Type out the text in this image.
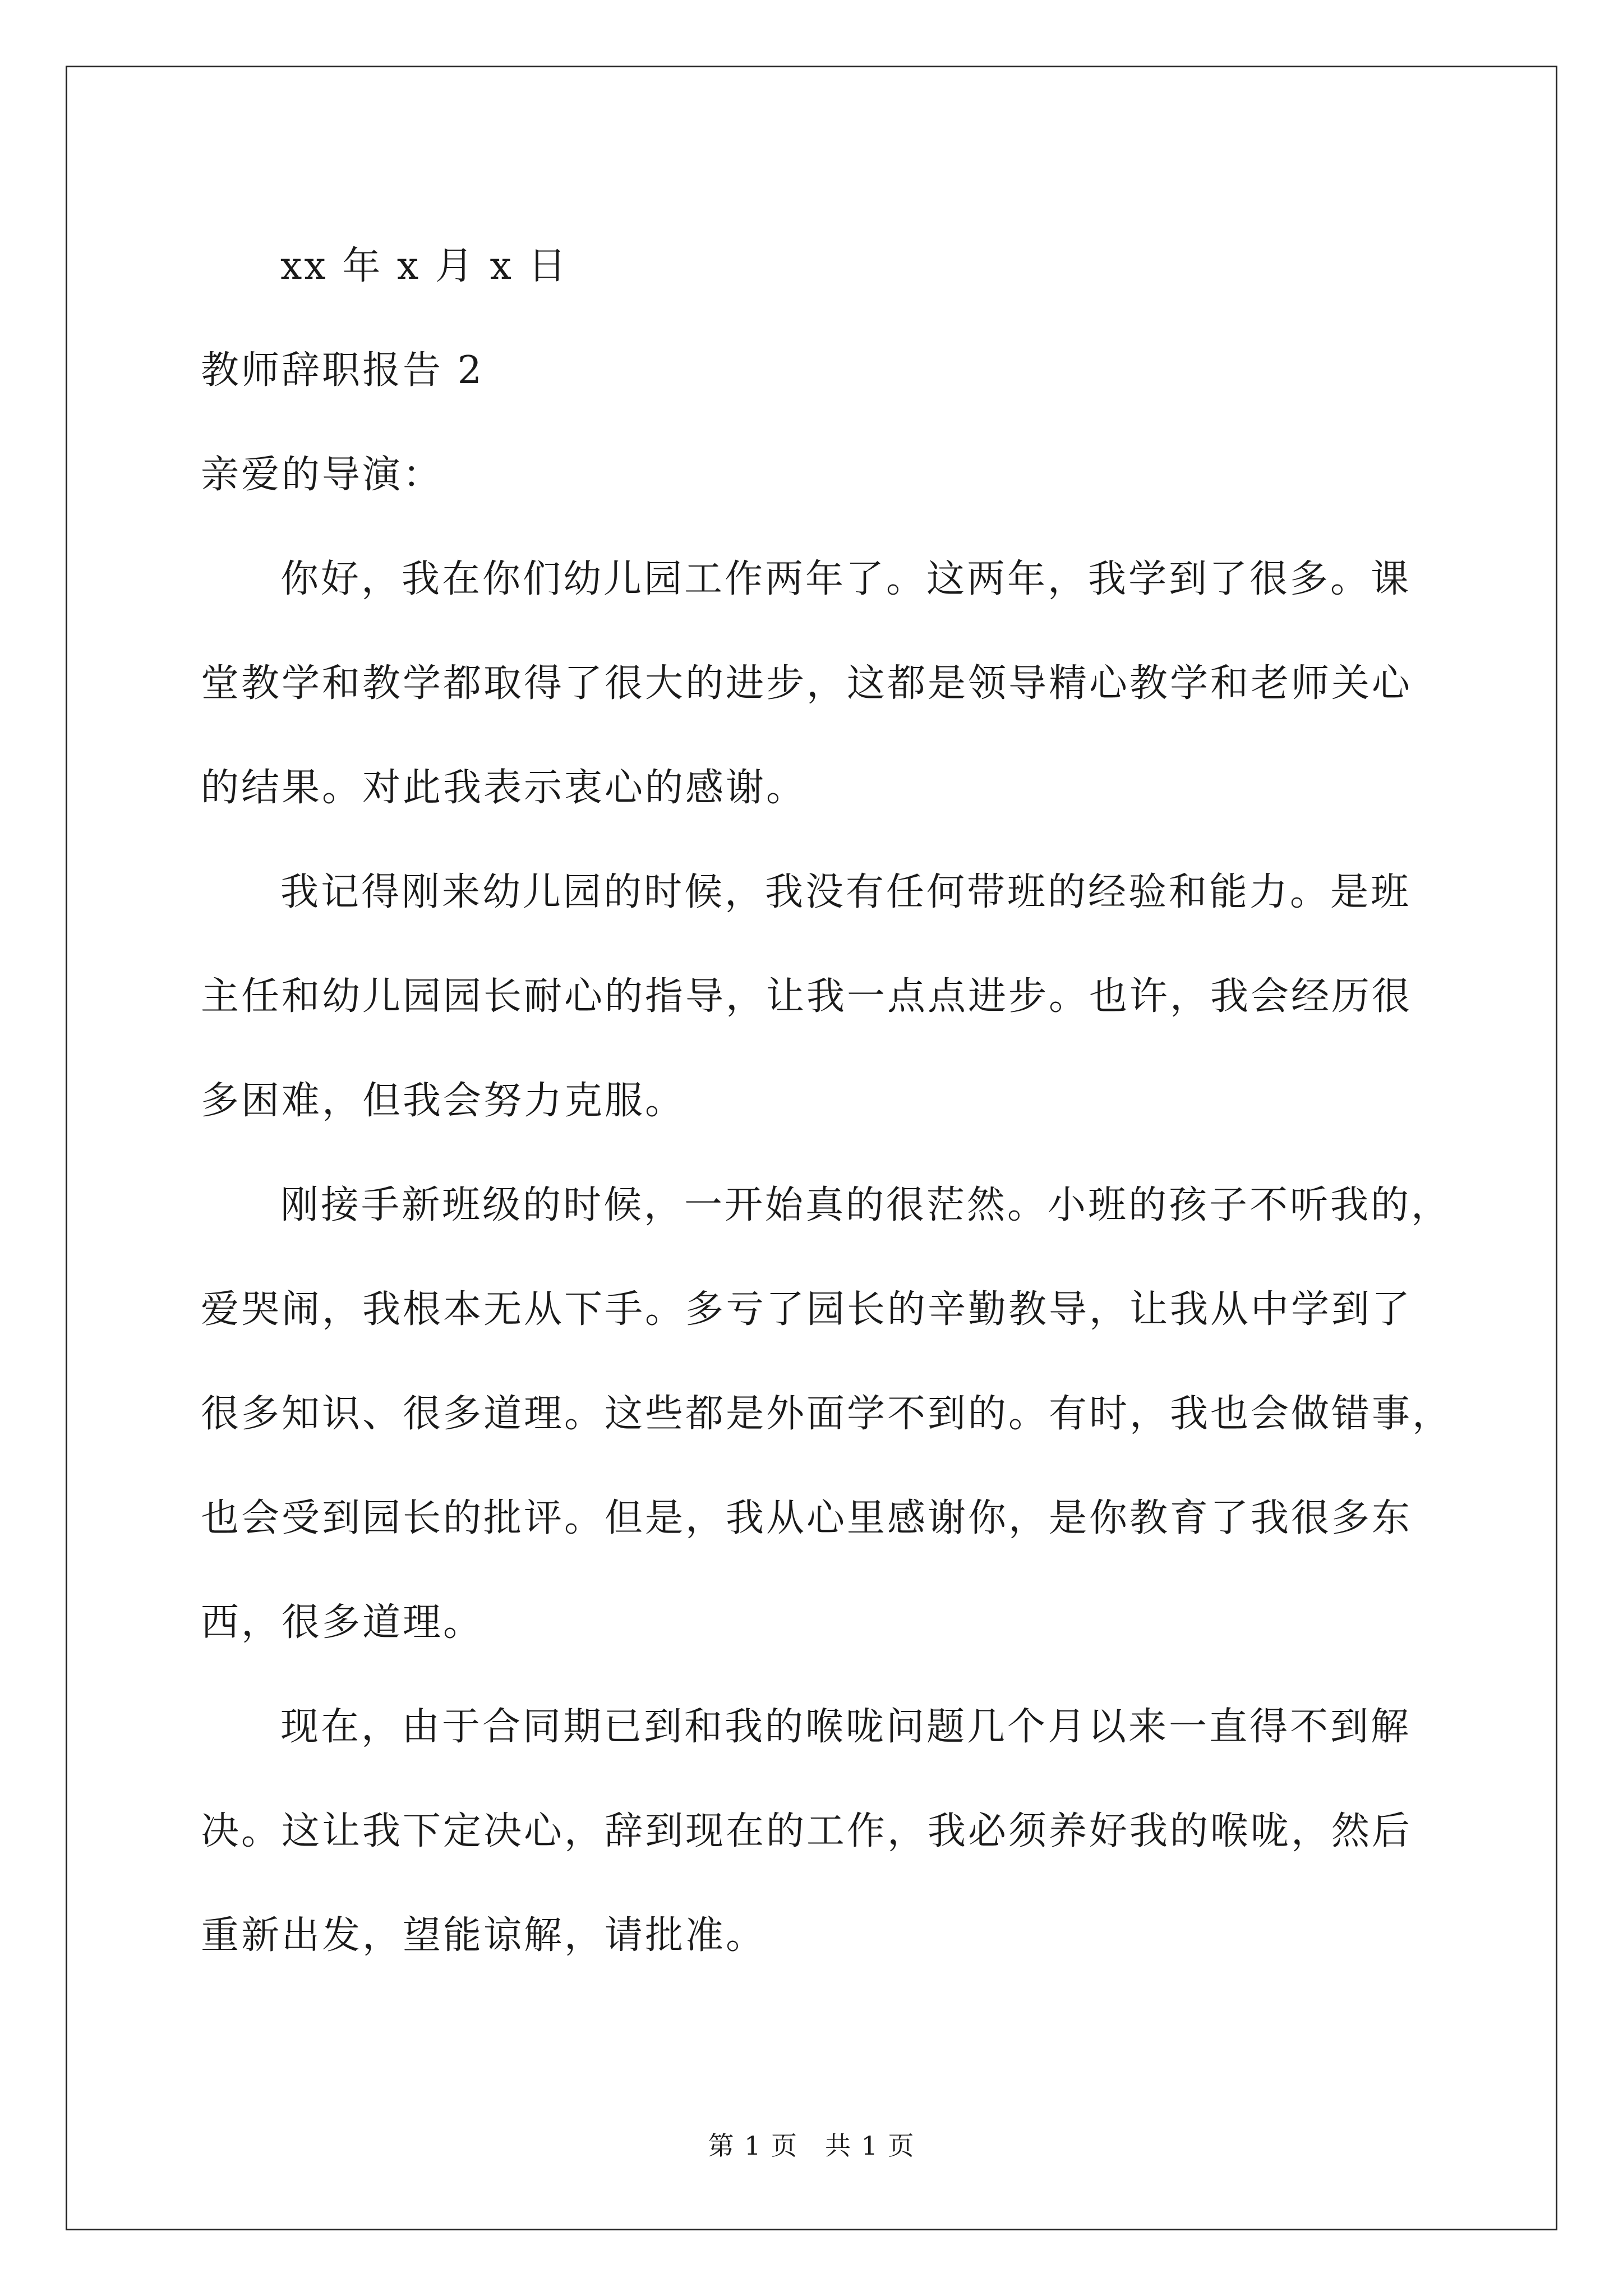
xx 年 x 月 x 日
教师辞职报告 2
亲爱的导演：
你好，我在你们幼儿园工作两年了。这两年，我学到了很多。课
堂教学和教学都取得了很大的进步，这都是领导精心教学和老师关心
的结果。对此我表示衷心的感谢。
我记得刚来幼儿园的时候，我没有任何带班的经验和能力。是班
主任和幼儿园园长耐心的指导，让我一点点进步。也许，我会经历很
多困难，但我会努力克服。
刚接手新班级的时候，一开始真的很茫然。小班的孩子不听我的，
爱哭闹，我根本无从下手。多亏了园长的辛勤教导，让我从中学到了
很多知识、很多道理。这些都是外面学不到的。有时，我也会做错事，
也会受到园长的批评。但是，我从心里感谢你，是你教育了我很多东
西，很多道理。
现在，由于合同期已到和我的喉咙问题几个月以来一直得不到解
决。这让我下定决心，辞到现在的工作，我必须养好我的喉咙，然后
重新出发，望能谅解，请批准。
第 1 页　共 1 页
